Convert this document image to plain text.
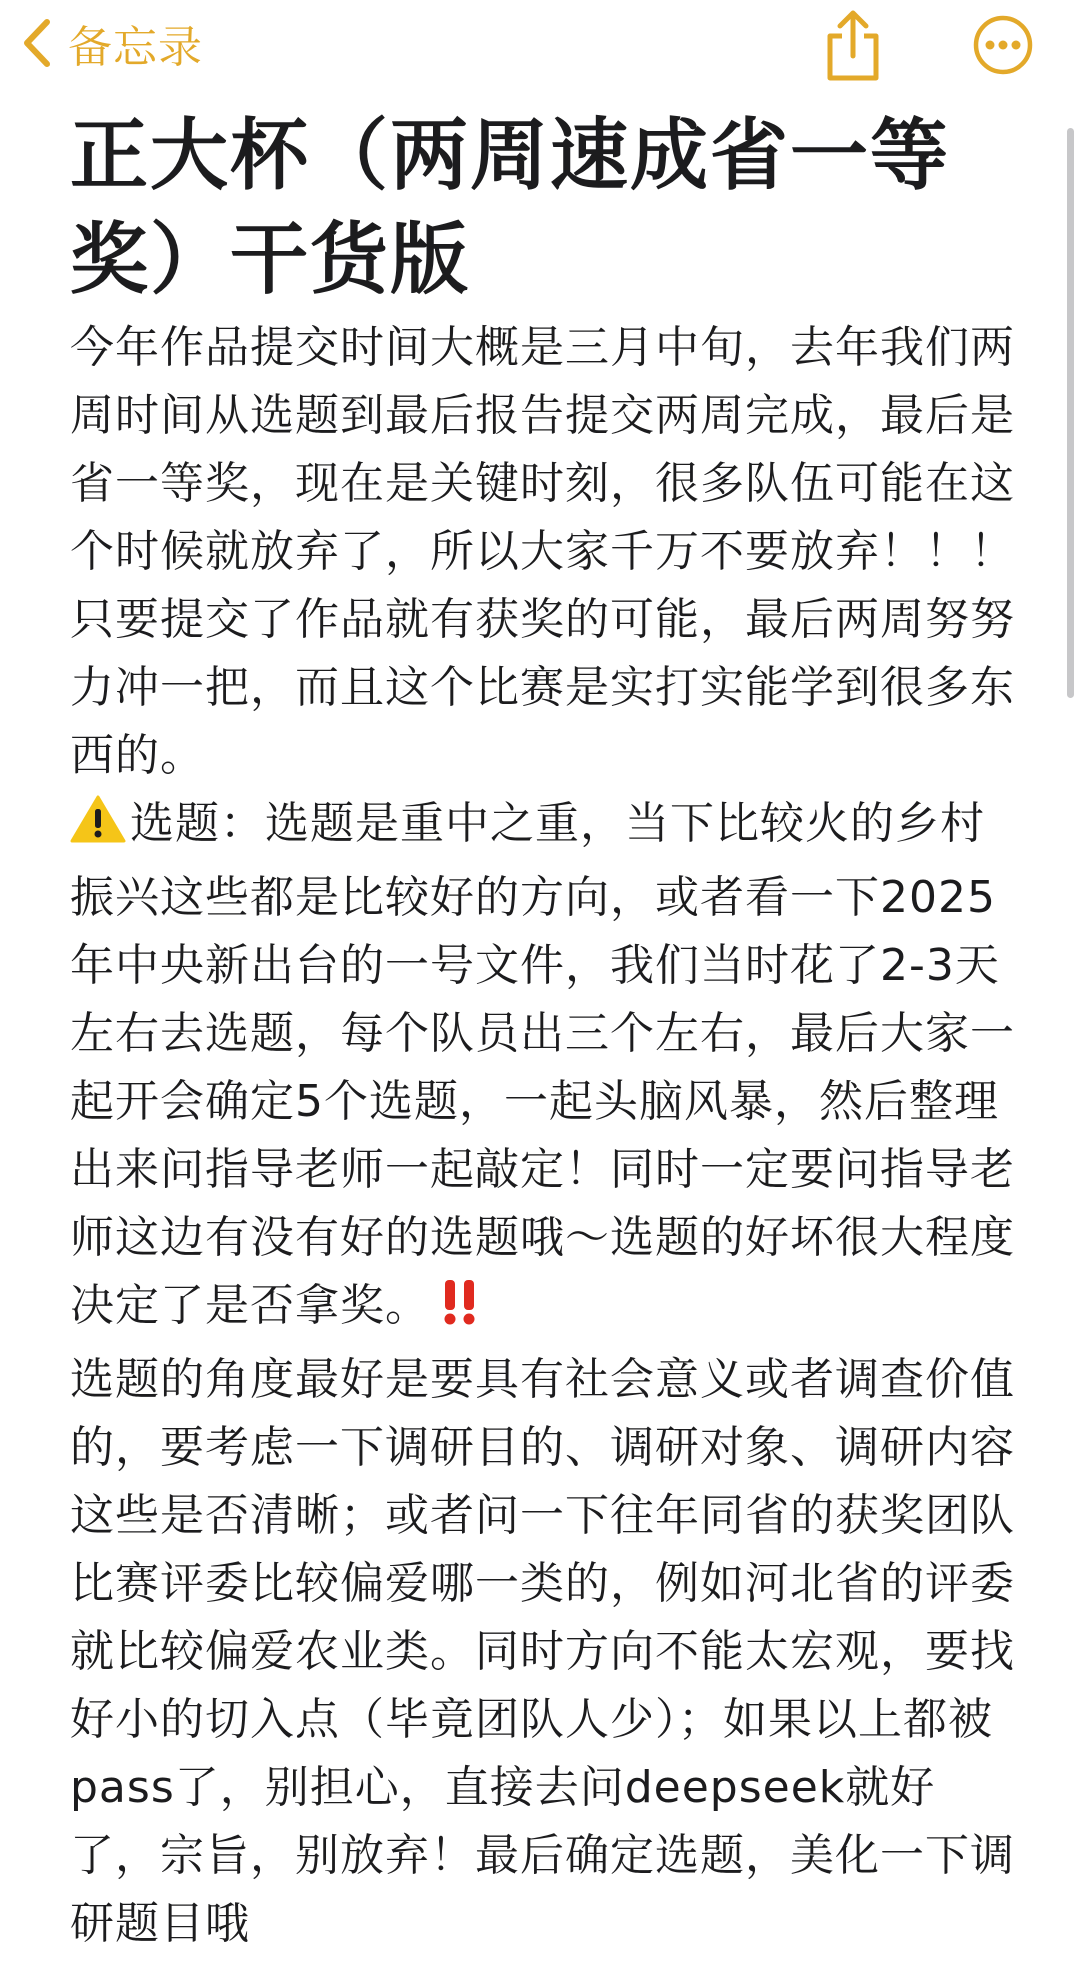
备忘录
正大杯（两周速成省一等奖）干货版

今年作品提交时间大概是三月中旬，去年我们两周时间从选题到最后报告提交两周完成，最后是省一等奖，现在是关键时刻，很多队伍可能在这个时候就放弃了，所以大家千万不要放弃！！！只要提交了作品就有获奖的可能，最后两周努努力冲一把，而且这个比赛是实打实能学到很多东西的。

选题：选题是重中之重，当下比较火的乡村振兴这些都是比较好的方向，或者看一下2025年中央新出台的一号文件，我们当时花了2-3天左右去选题，每个队员出三个左右，最后大家一起开会确定5个选题，一起头脑风暴，然后整理出来问指导老师一起敲定！同时一定要问指导老师这边有没有好的选题哦～选题的好坏很大程度决定了是否拿奖。

选题的角度最好是要具有社会意义或者调查价值的，要考虑一下调研目的、调研对象、调研内容这些是否清晰；或者问一下往年同省的获奖团队比赛评委比较偏爱哪一类的，例如河北省的评委就比较偏爱农业类。同时方向不能太宏观，要找好小的切入点（毕竟团队人少）；如果以上都被pass了，别担心，直接去问deepseek就好了，宗旨，别放弃！最后确定选题，美化一下调研题目哦
